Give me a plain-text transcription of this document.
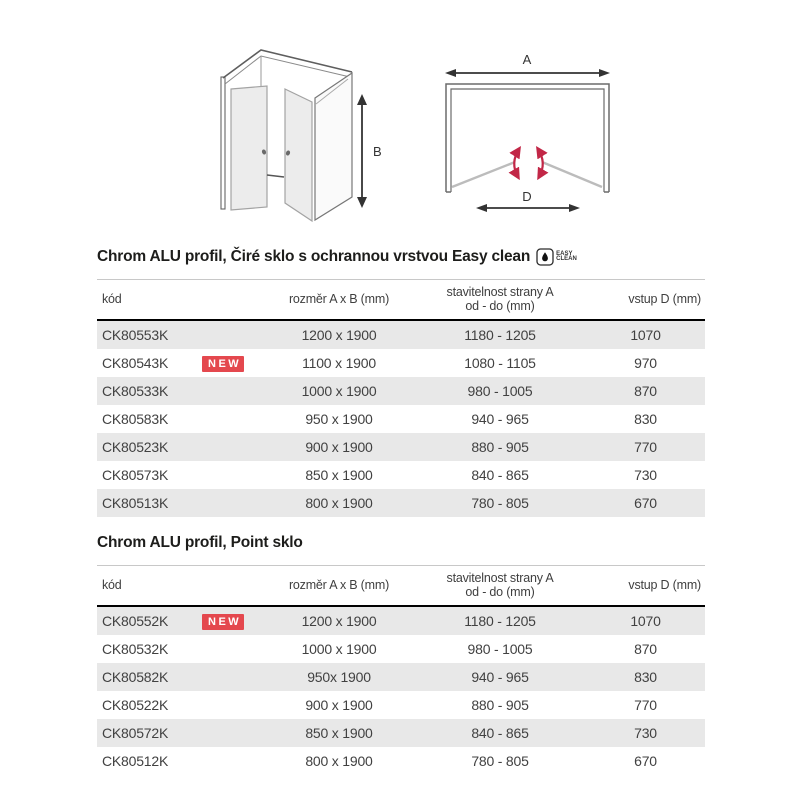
B
A
D
Chrom ALU profil, Čiré sklo s ochrannou vrstvou Easy clean	EASY
CLEAN
kód		rozměr A x B (mm)	stavitelnost strany A
od - do (mm)	vstup D (mm)
CK80553K		1200 x 1900	1180 - 1205	1070
CK80543K	NEW	1100 x 1900	1080 - 1105	970
CK80533K		1000 x 1900	980 - 1005	870
CK80583K		950 x 1900	940 - 965	830
CK80523K		900 x 1900	880 - 905	770
CK80573K		850 x 1900	840 - 865	730
CK80513K		800 x 1900	780 - 805	670
Chrom ALU profil, Point sklo
kód		rozměr A x B (mm)	stavitelnost strany A
od - do (mm)	vstup D (mm)
CK80552K	NEW	1200 x 1900	1180 - 1205	1070
CK80532K		1000 x 1900	980 - 1005	870
CK80582K		950x 1900	940 - 965	830
CK80522K		900 x 1900	880 - 905	770
CK80572K		850 x 1900	840 - 865	730
CK80512K		800 x 1900	780 - 805	670
